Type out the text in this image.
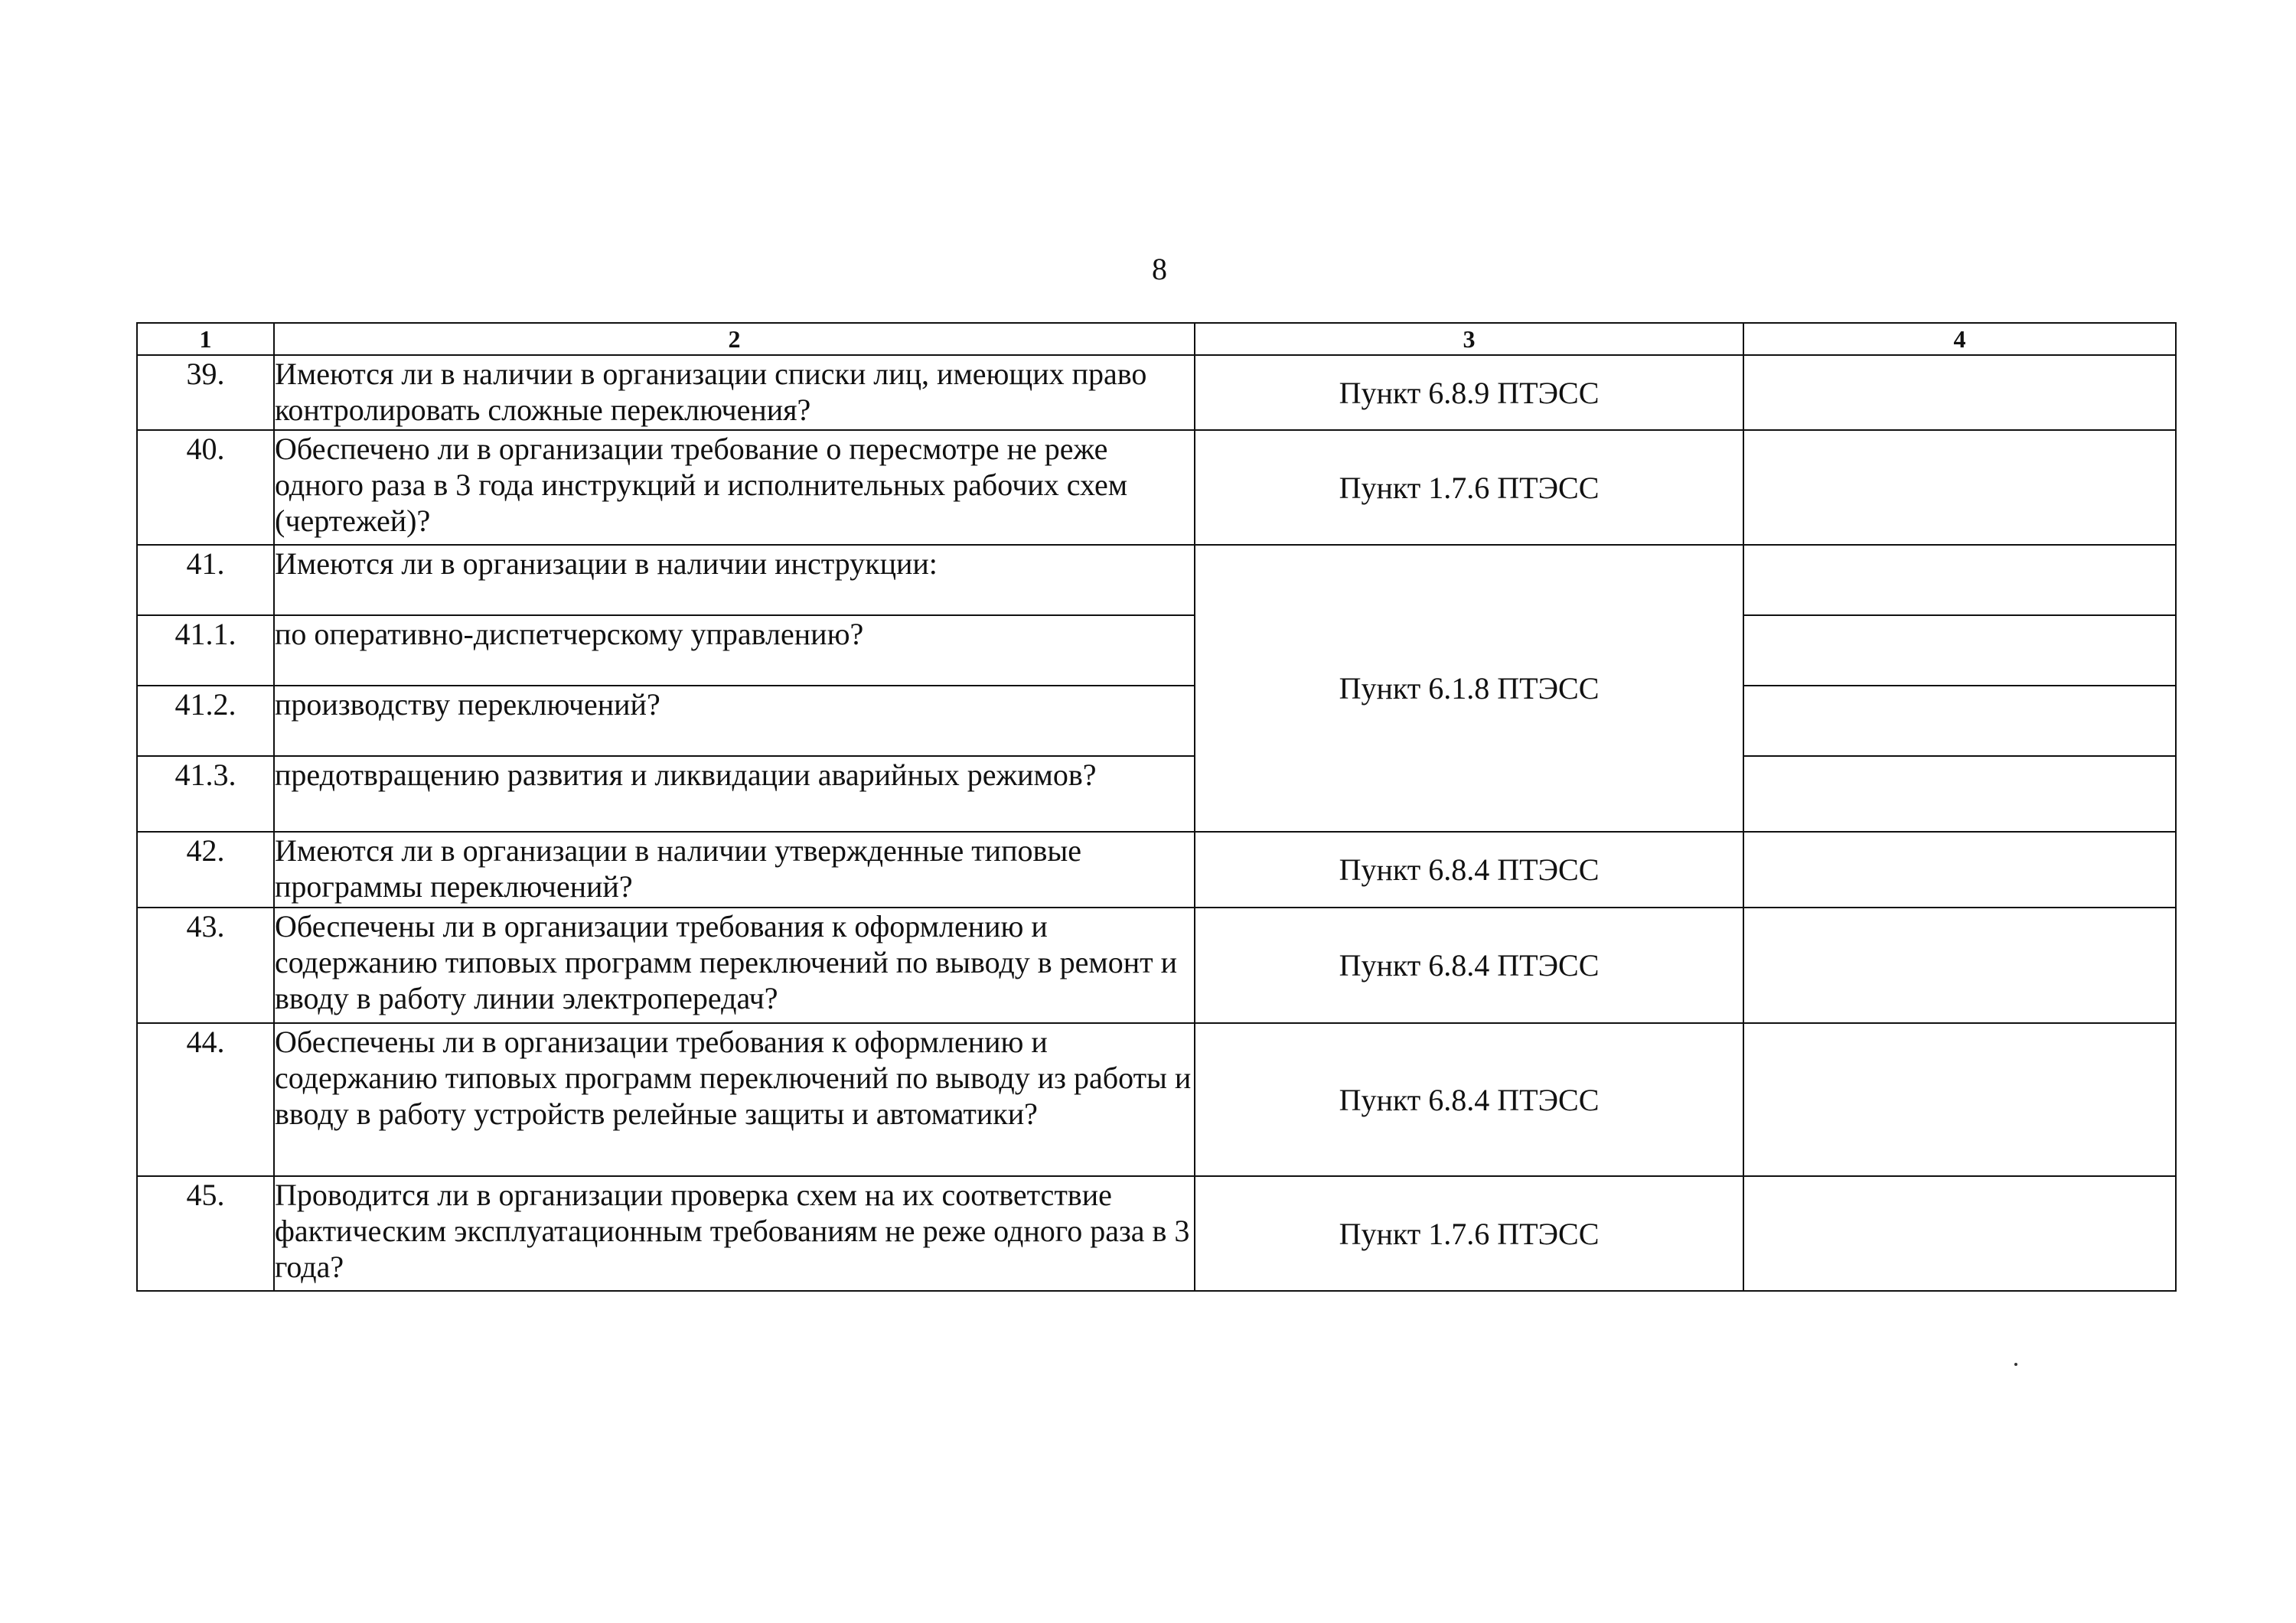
8
1	2	3	4
39.	Имеются ли в наличии в организации списки лиц, имеющих право контролировать сложные переключения?	Пункт 6.8.9 ПТЭСС	
40.	Обеспечено ли в организации требование о пересмотре не реже одного раза в 3 года инструкций и исполнительных рабочих схем (чертежей)?	Пункт 1.7.6 ПТЭСС	
41.	Имеются ли в организации в наличии инструкции:	Пункт 6.1.8 ПТЭСС	
41.1.	по оперативно-диспетчерскому управлению?		
41.2.	производству переключений?		
41.3.	предотвращению развития и ликвидации аварийных режимов?		
42.	Имеются ли в организации в наличии утвержденные типовые программы переключений?	Пункт 6.8.4 ПТЭСС	
43.	Обеспечены ли в организации требования к оформлению и содержанию типовых программ переключений по выводу в ремонт и вводу в работу линии электропередач?	Пункт 6.8.4 ПТЭСС	
44.	Обеспечены ли в организации требования к оформлению и содержанию типовых программ переключений по выводу из работы и вводу в работу устройств релейные защиты и автоматики?	Пункт 6.8.4 ПТЭСС	
45.	Проводится ли в организации проверка схем на их соответствие фактическим эксплуатационным требованиям не реже одного раза в 3 года?	Пункт 1.7.6 ПТЭСС	
